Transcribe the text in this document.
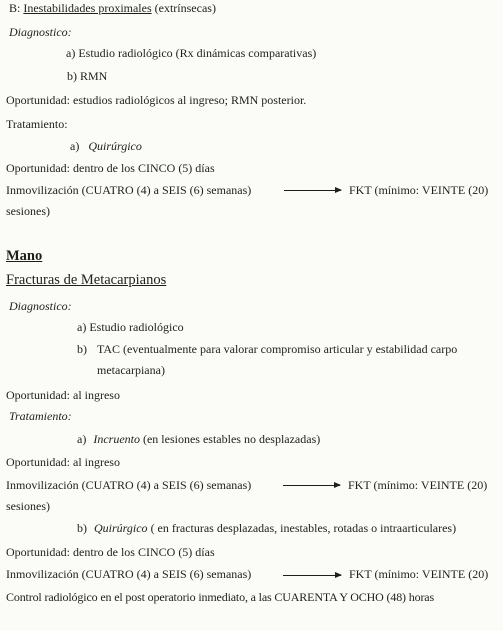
B: Inestabilidades proximales (extrínsecas)
Diagnostico:
a) Estudio radiológico (Rx dinámicas comparativas)
b) RMN
Oportunidad: estudios radiológicos al ingreso; RMN posterior.
Tratamiento:
a) Quirúrgico
Oportunidad: dentro de los CINCO (5) días
Inmovilización (CUATRO (4) a SEIS (6) semanas)	FKT (mínimo: VEINTE (20)
sesiones)
Mano
Fracturas de Metacarpianos
Diagnostico:
a) Estudio radiológico
b) TAC (eventualmente para valorar compromiso articular y estabilidad carpo
metacarpiana)
Oportunidad: al ingreso
Tratamiento:
a) Incruento (en lesiones estables no desplazadas)
Oportunidad: al ingreso
Inmovilización (CUATRO (4) a SEIS (6) semanas)	FKT (mínimo: VEINTE (20)
sesiones)
b) Quirúrgico ( en fracturas desplazadas, inestables, rotadas o intraarticulares)
Oportunidad: dentro de los CINCO (5) días
Inmovilización (CUATRO (4) a SEIS (6) semanas)	FKT (mínimo: VEINTE (20)
Control radiológico en el post operatorio inmediato, a las CUARENTA Y OCHO (48) horas
